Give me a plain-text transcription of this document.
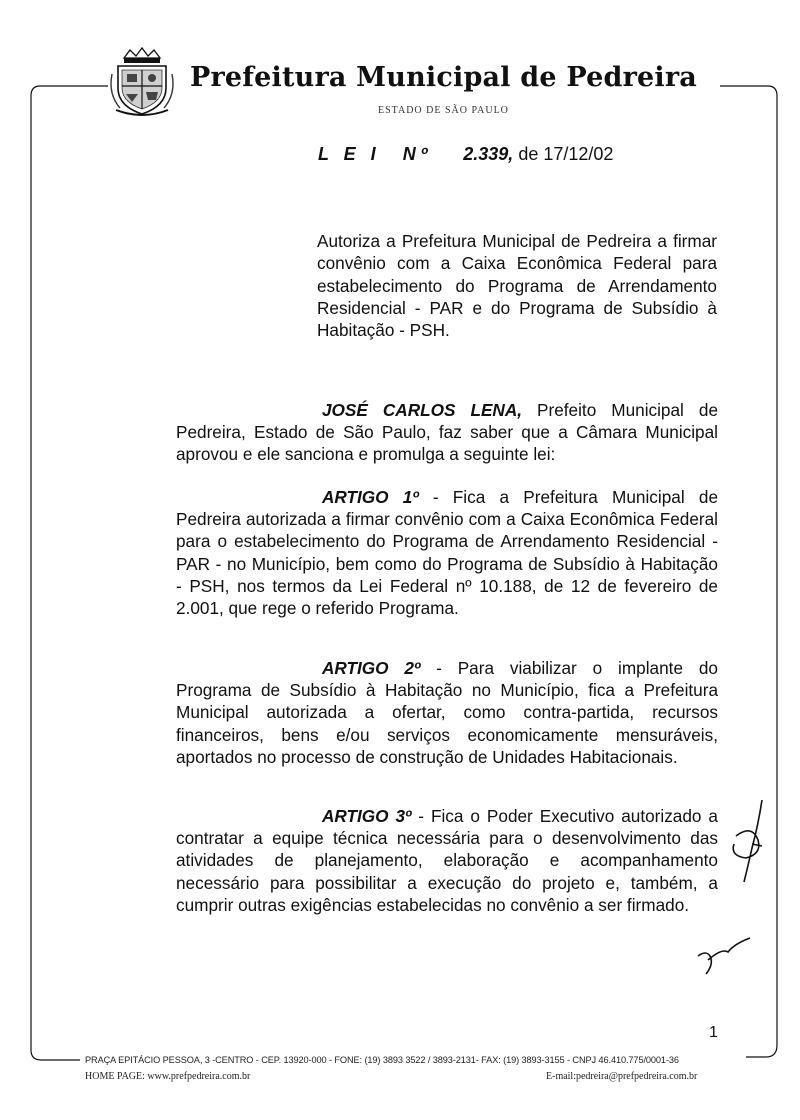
Prefeitura Municipal de Pedreira
ESTADO DE SÃO PAULO
L E I N º 2.339, de 17/12/02
Autoriza a Prefeitura Municipal de Pedreira a firmar convênio com a Caixa Econômica Federal para estabelecimento do Programa de Arrendamento Residencial - PAR e do Programa de Subsídio à Habitação - PSH.
JOSÉ CARLOS LENA, Prefeito Municipal de Pedreira, Estado de São Paulo, faz saber que a Câmara Municipal aprovou e ele sanciona e promulga a seguinte lei:
ARTIGO 1º - Fica a Prefeitura Municipal de Pedreira autorizada a firmar convênio com a Caixa Econômica Federal para o estabelecimento do Programa de Arrendamento Residencial - PAR - no Município, bem como do Programa de Subsídio à Habitação - PSH, nos termos da Lei Federal nº 10.188, de 12 de fevereiro de 2.001, que rege o referido Programa.
ARTIGO 2º - Para viabilizar o implante do Programa de Subsídio à Habitação no Município, fica a Prefeitura Municipal autorizada a ofertar, como contra-partida, recursos financeiros, bens e/ou serviços economicamente mensuráveis, aportados no processo de construção de Unidades Habitacionais.
ARTIGO 3º - Fica o Poder Executivo autorizado a contratar a equipe técnica necessária para o desenvolvimento das atividades de planejamento, elaboração e acompanhamento necessário para possibilitar a execução do projeto e, também, a cumprir outras exigências estabelecidas no convênio a ser firmado.
1
PRAÇA EPITÁCIO PESSOA, 3 -CENTRO - CEP. 13920-000 - FONE: (19) 3893 3522 / 3893-2131- FAX: (19) 3893-3155 - CNPJ 46.410.775/0001-36
HOME PAGE: www.prefpedreira.com.br	E-mail:pedreira@prefpedreira.com.br
